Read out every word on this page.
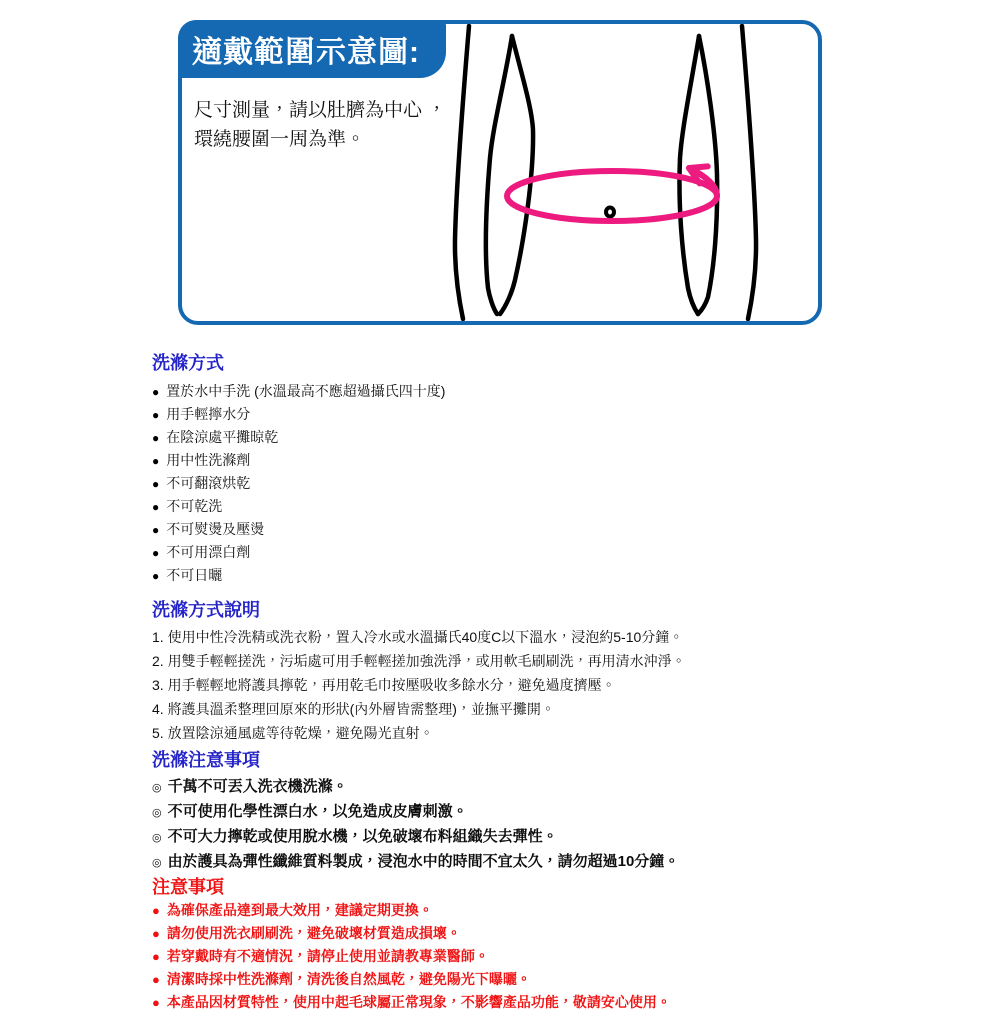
適戴範圍示意圖:
尺寸測量，請以肚臍為中心 ，環繞腰圍一周為準。
洗滌方式
● 置於水中手洗 (水溫最高不應超過攝氏四十度)
● 用手輕擰水分
● 在陰涼處平攤晾乾
● 用中性洗滌劑
● 不可翻滾烘乾
● 不可乾洗
● 不可熨燙及壓燙
● 不可用漂白劑
● 不可日曬
洗滌方式說明
1. 使用中性冷洗精或洗衣粉，置入冷水或水溫攝氏40度C以下溫水，浸泡約5-10分鐘。
2. 用雙手輕輕搓洗，污垢處可用手輕輕搓加強洗淨，或用軟毛刷刷洗，再用清水沖淨。
3. 用手輕輕地將護具擰乾，再用乾毛巾按壓吸收多餘水分，避免過度擠壓。
4. 將護具溫柔整理回原來的形狀(內外層皆需整理)，並撫平攤開。
5. 放置陰涼通風處等待乾燥，避免陽光直射。
洗滌注意事項
◎ 千萬不可丟入洗衣機洗滌。
◎ 不可使用化學性漂白水，以免造成皮膚刺激。
◎ 不可大力擰乾或使用脫水機，以免破壞布料組織失去彈性。
◎ 由於護具為彈性纖維質料製成，浸泡水中的時間不宜太久，請勿超過10分鐘。
注意事項
● 為確保產品達到最大效用，建議定期更換。
● 請勿使用洗衣刷刷洗，避免破壞材質造成損壞。
● 若穿戴時有不適情況，請停止使用並請教專業醫師。
● 清潔時採中性洗滌劑，清洗後自然風乾，避免陽光下曝曬。
● 本產品因材質特性，使用中起毛球屬正常現象，不影響產品功能，敬請安心使用。
